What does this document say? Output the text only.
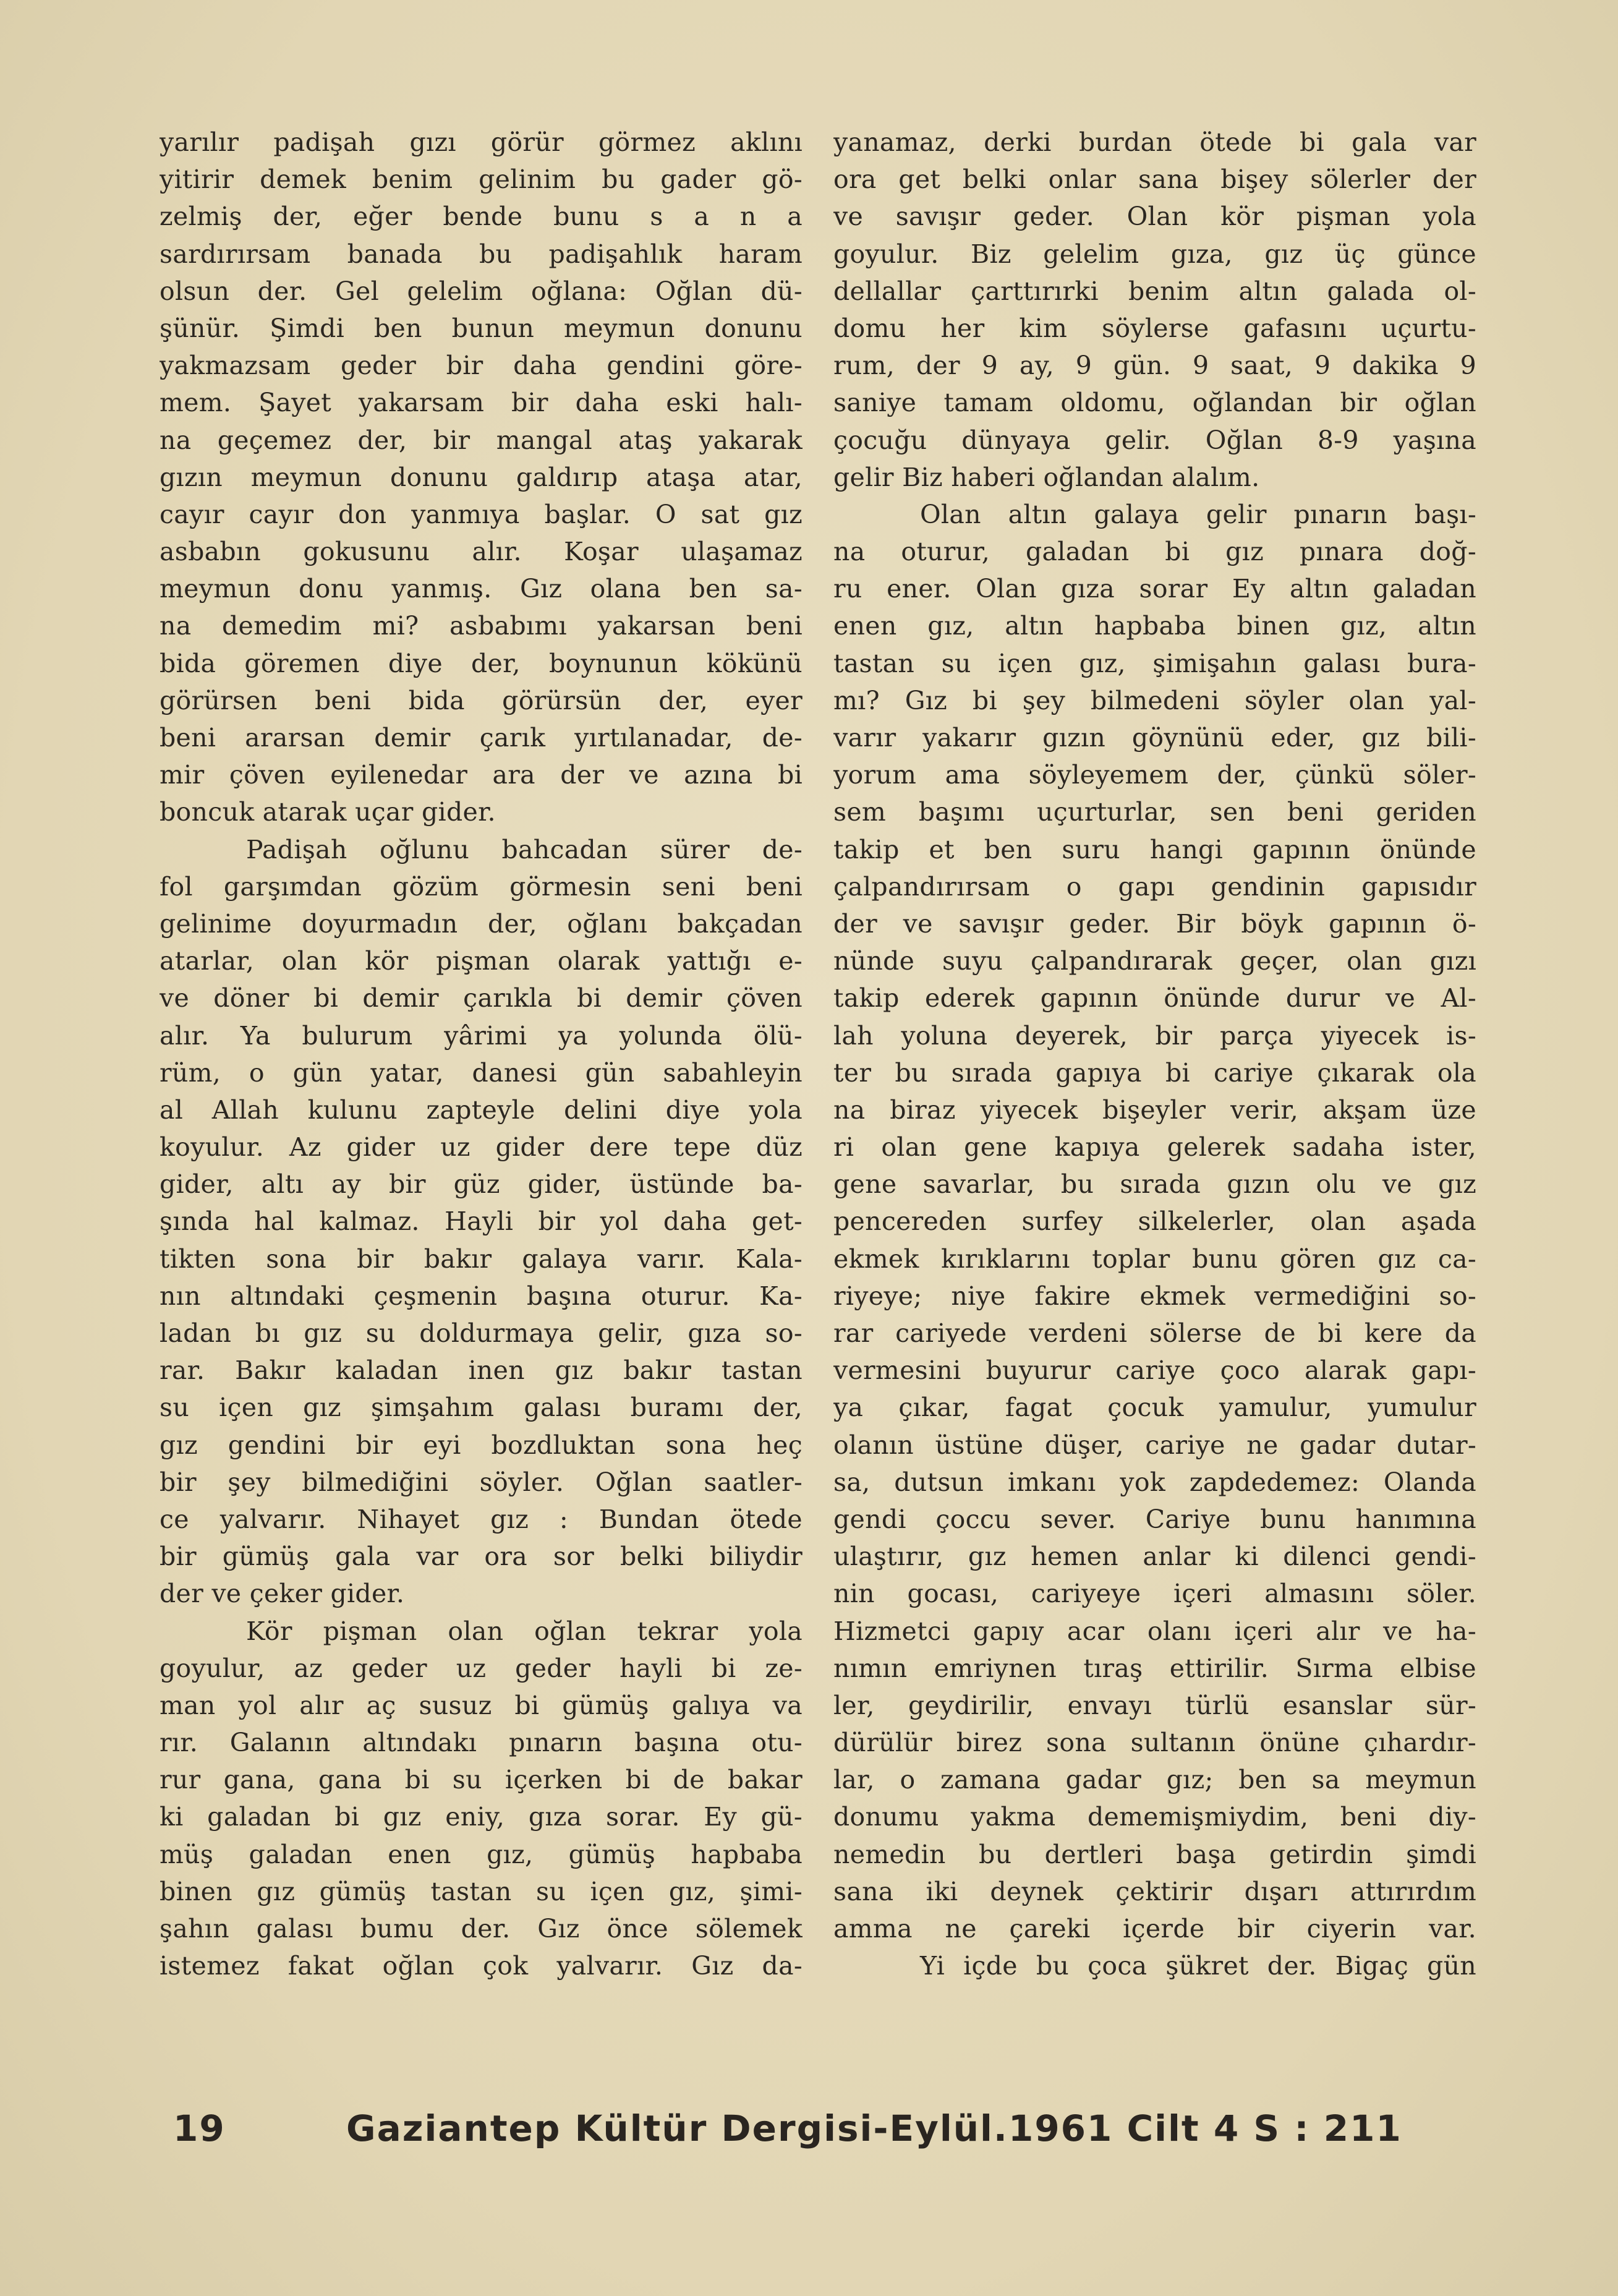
yarılır padişah gızı görür görmez aklını
yitirir demek benim gelinim bu gader gö-
zelmiş der, eğer bende bunu s a n a
sardırırsam banada bu padişahlık haram
olsun der. Gel gelelim oğlana: Oğlan dü-
şünür. Şimdi ben bunun meymun donunu
yakmazsam geder bir daha gendini göre-
mem. Şayet yakarsam bir daha eski halı-
na geçemez der, bir mangal ataş yakarak
gızın meymun donunu galdırıp ataşa atar,
cayır cayır don yanmıya başlar. O sat gız
asbabın gokusunu alır. Koşar ulaşamaz
meymun donu yanmış. Gız olana ben sa-
na demedim mi? asbabımı yakarsan beni
bida göremen diye der, boynunun kökünü
görürsen beni bida görürsün der, eyer
beni ararsan demir çarık yırtılanadar, de-
mir çöven eyilenedar ara der ve azına bi
boncuk atarak uçar gider.
Padişah oğlunu bahcadan sürer de-
fol garşımdan gözüm görmesin seni beni
gelinime doyurmadın der, oğlanı bakçadan
atarlar, olan kör pişman olarak yattığı e-
ve döner bi demir çarıkla bi demir çöven
alır. Ya bulurum yârimi ya yolunda ölü-
rüm, o gün yatar, danesi gün sabahleyin
al Allah kulunu zapteyle delini diye yola
koyulur. Az gider uz gider dere tepe düz
gider, altı ay bir güz gider, üstünde ba-
şında hal kalmaz. Hayli bir yol daha get-
tikten sona bir bakır galaya varır. Kala-
nın altındaki çeşmenin başına oturur. Ka-
ladan bı gız su doldurmaya gelir, gıza so-
rar. Bakır kaladan inen gız bakır tastan
su içen gız şimşahım galası buramı der,
gız gendini bir eyi bozdluktan sona heç
bir şey bilmediğini söyler. Oğlan saatler-
ce yalvarır. Nihayet gız : Bundan ötede
bir gümüş gala var ora sor belki biliydir
der ve çeker gider.
Kör pişman olan oğlan tekrar yola
goyulur, az geder uz geder hayli bi ze-
man yol alır aç susuz bi gümüş galıya va
rır. Galanın altındakı pınarın başına otu-
rur gana, gana bi su içerken bi de bakar
ki galadan bi gız eniy, gıza sorar. Ey gü-
müş galadan enen gız, gümüş hapbaba
binen gız gümüş tastan su içen gız, şimi-
şahın galası bumu der. Gız önce sölemek
istemez fakat oğlan çok yalvarır. Gız da-
yanamaz, derki burdan ötede bi gala var
ora get belki onlar sana bişey sölerler der
ve savışır geder. Olan kör pişman yola
goyulur. Biz gelelim gıza, gız üç günce
dellallar çarttırırki benim altın galada ol-
domu her kim söylerse gafasını uçurtu-
rum, der 9 ay, 9 gün. 9 saat, 9 dakika 9
saniye tamam oldomu, oğlandan bir oğlan
çocuğu dünyaya gelir. Oğlan 8-9 yaşına
gelir Biz haberi oğlandan alalım.
Olan altın galaya gelir pınarın başı-
na oturur, galadan bi gız pınara doğ-
ru ener. Olan gıza sorar Ey altın galadan
enen gız, altın hapbaba binen gız, altın
tastan su içen gız, şimişahın galası bura-
mı? Gız bi şey bilmedeni söyler olan yal-
varır yakarır gızın göynünü eder, gız bili-
yorum ama söyleyemem der, çünkü söler-
sem başımı uçurturlar, sen beni geriden
takip et ben suru hangi gapının önünde
çalpandırırsam o gapı gendinin gapısıdır
der ve savışır geder. Bir böyk gapının ö-
nünde suyu çalpandırarak geçer, olan gızı
takip ederek gapının önünde durur ve Al-
lah yoluna deyerek, bir parça yiyecek is-
ter bu sırada gapıya bi cariye çıkarak ola
na biraz yiyecek bişeyler verir, akşam üze
ri olan gene kapıya gelerek sadaha ister,
gene savarlar, bu sırada gızın olu ve gız
pencereden surfey silkelerler, olan aşada
ekmek kırıklarını toplar bunu gören gız ca-
riyeye; niye fakire ekmek vermediğini so-
rar cariyede verdeni sölerse de bi kere da
vermesini buyurur cariye çoco alarak gapı-
ya çıkar, fagat çocuk yamulur, yumulur
olanın üstüne düşer, cariye ne gadar dutar-
sa, dutsun imkanı yok zapdedemez: Olanda
gendi çoccu sever. Cariye bunu hanımına
ulaştırır, gız hemen anlar ki dilenci gendi-
nin gocası, cariyeye içeri almasını söler.
Hizmetci gapıy acar olanı içeri alır ve ha-
nımın emriynen tıraş ettirilir. Sırma elbise
ler, geydirilir, envayı türlü esanslar sür-
dürülür birez sona sultanın önüne çıhardır-
lar, o zamana gadar gız; ben sa meymun
donumu yakma dememişmiydim, beni diy-
nemedin bu dertleri başa getirdin şimdi
sana iki deynek çektirir dışarı attırırdım
amma ne çareki içerde bir ciyerin var.
Yi içde bu çoca şükret der. Bigaç gün
19	Gaziantep Kültür Dergisi-Eylül.1961 Cilt 4 S : 211
